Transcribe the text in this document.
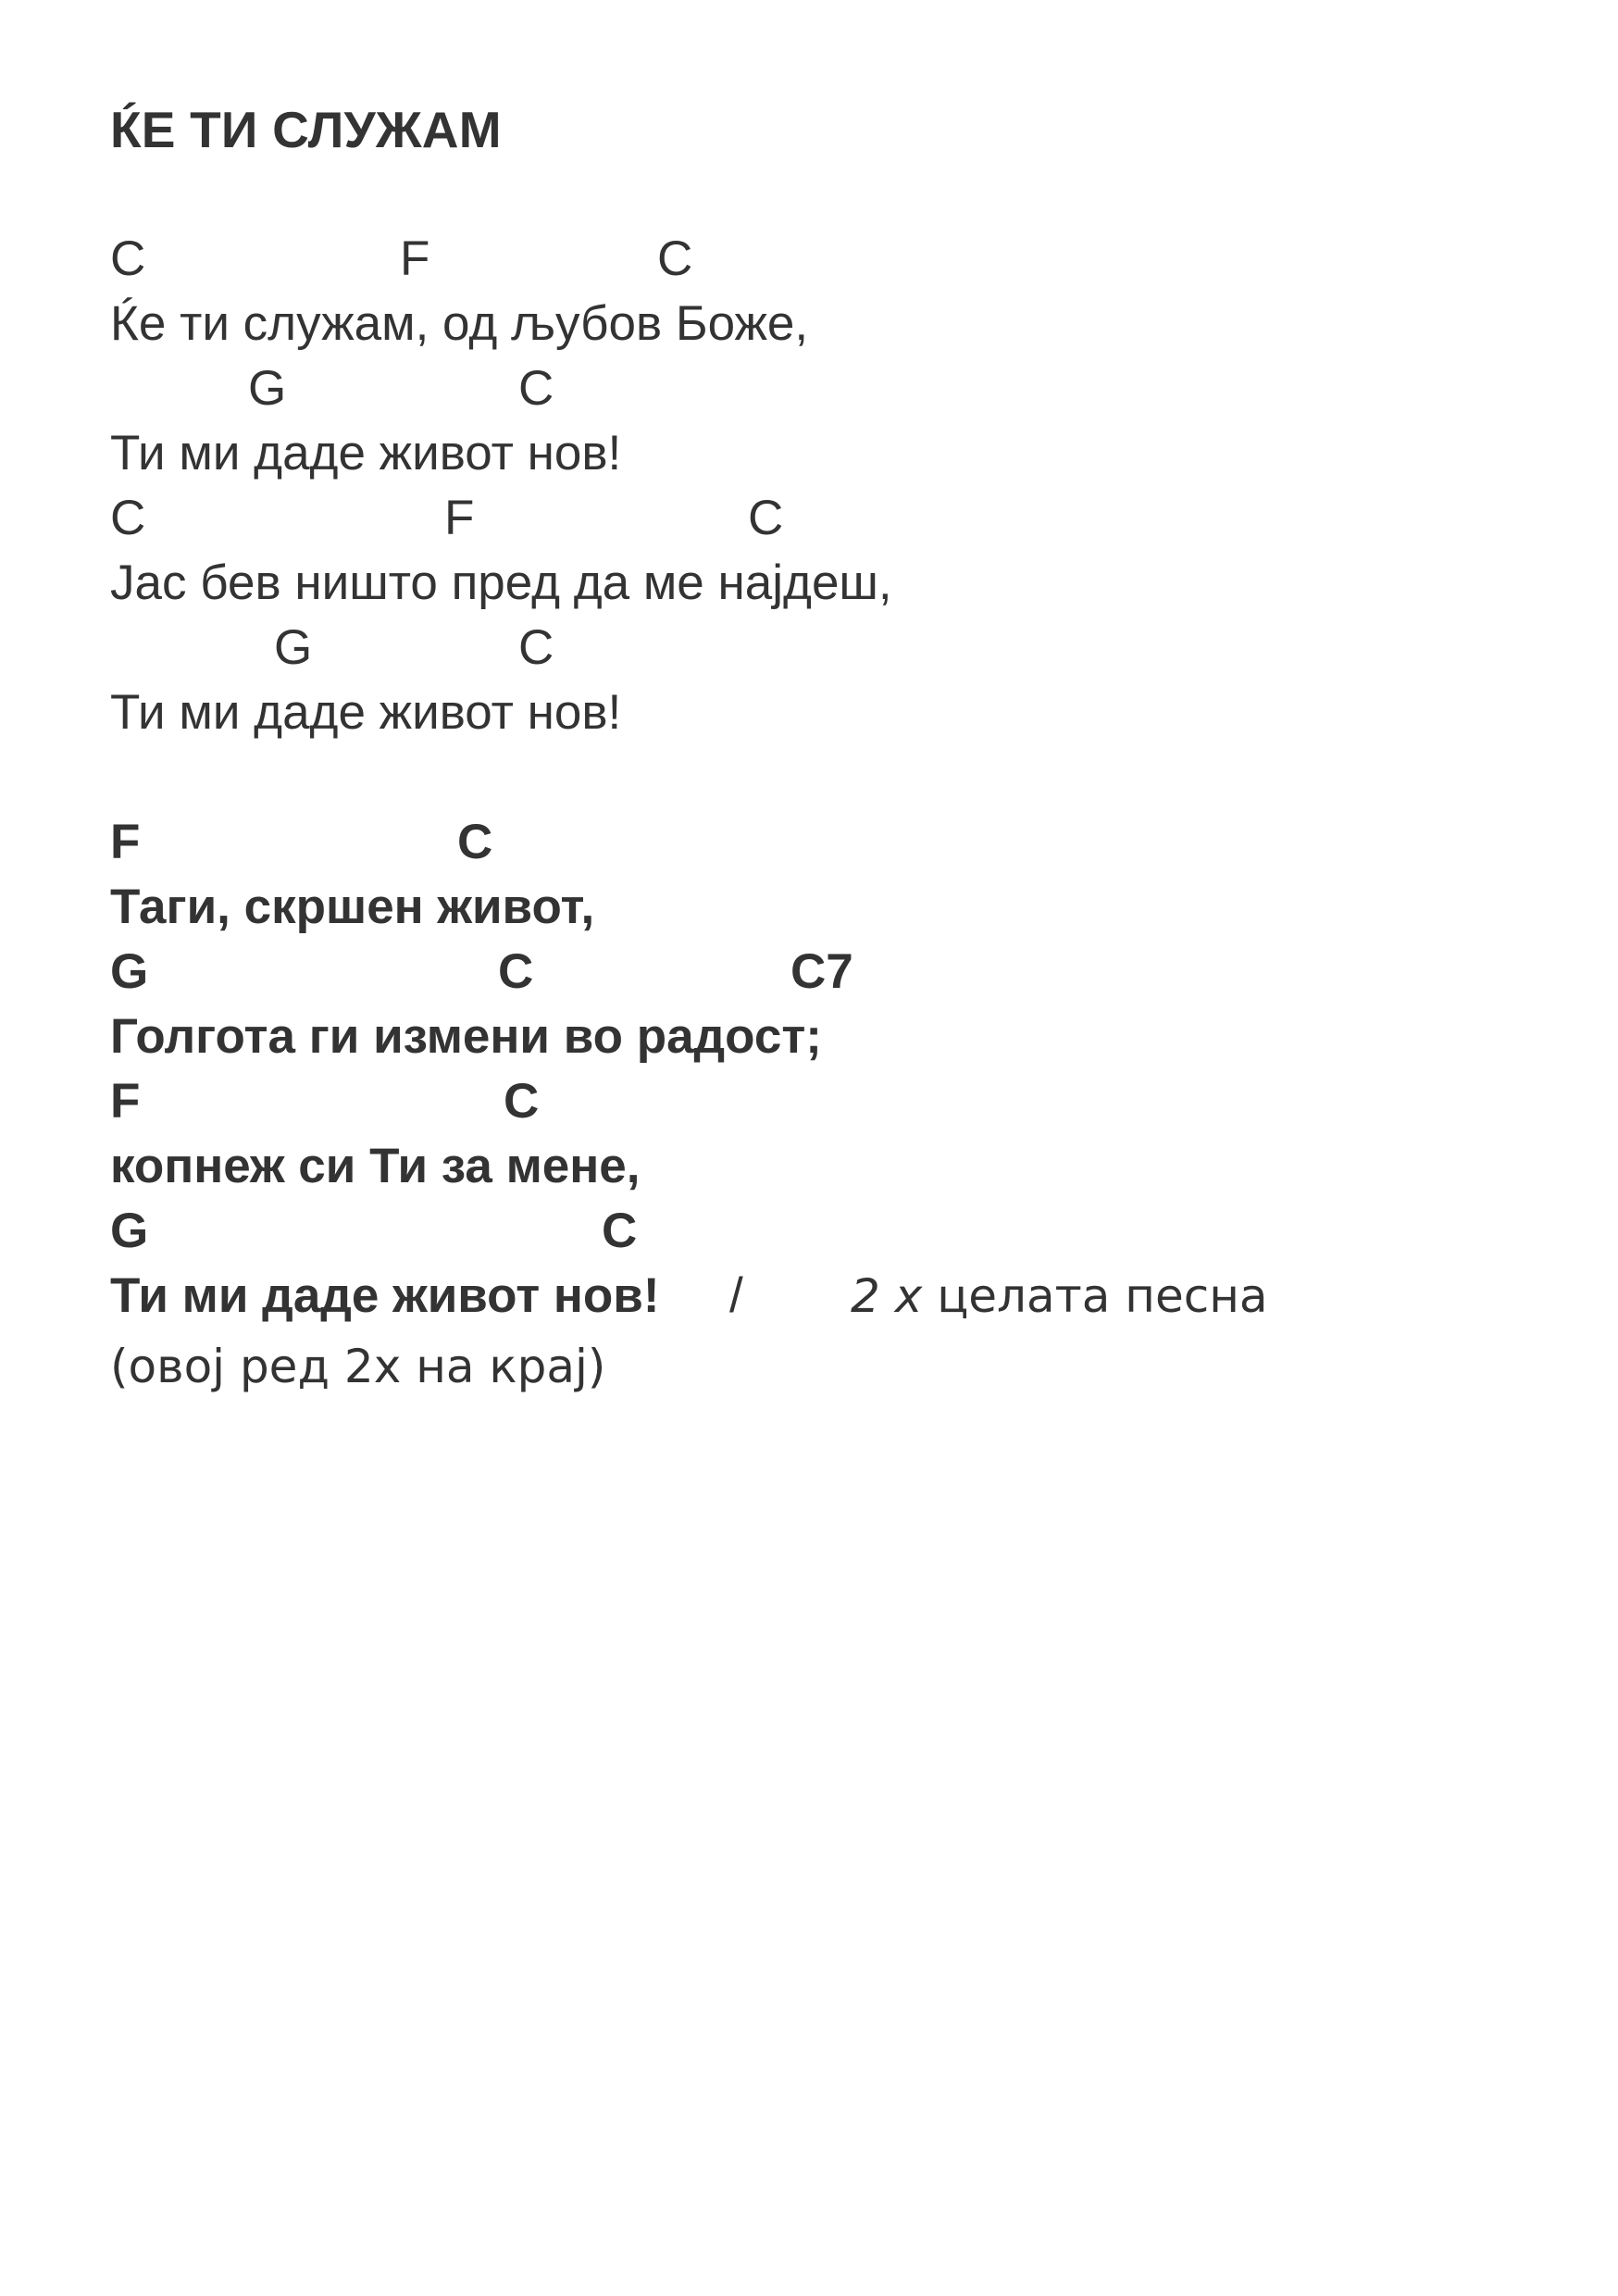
ЌЕ ТИ СЛУЖАМ
C	F	C
Ќе ти служам, од љубов Боже,
G	C
Ти ми даде живот нов!
C	F	C
Јас бев ништо пред да ме најдеш,
G	C
Ти ми даде живот нов!
F	C
Таги, скршен живот,
G	C	C7
Голгота ги измени во радост;
F	C
копнеж си Ти за мене,
G	C
Ти ми даде живот нов! / 2 x целата песна
(овој ред 2x на крај)
